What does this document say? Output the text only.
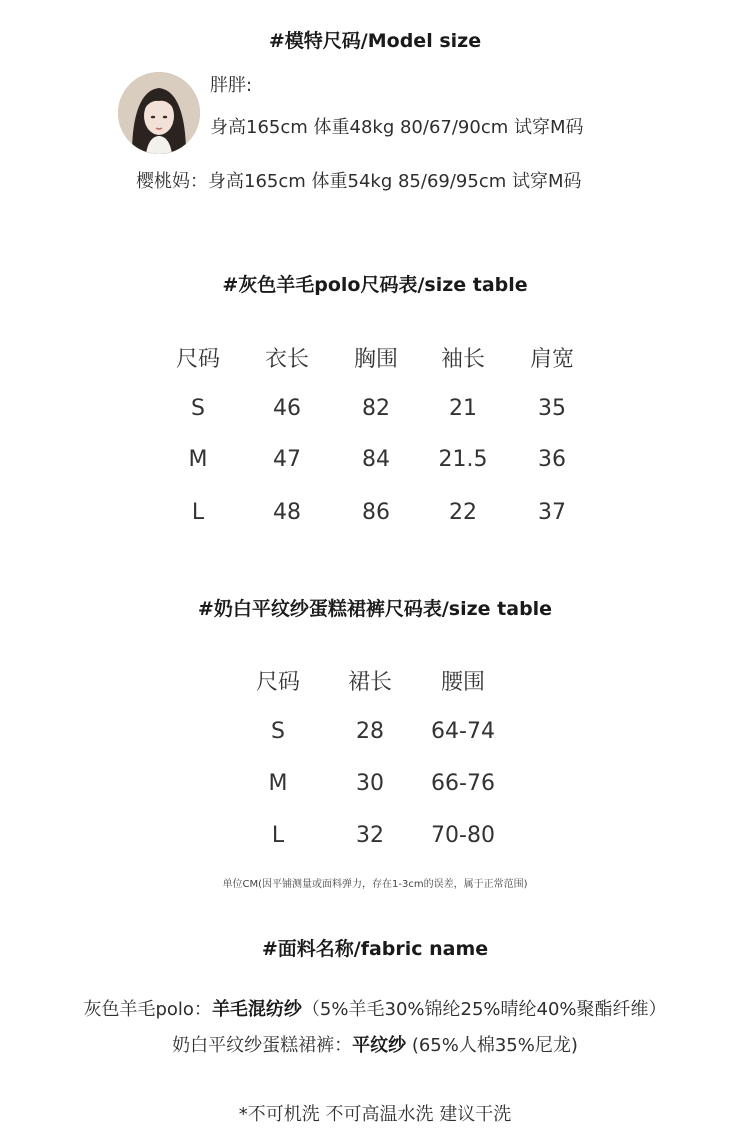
#模特尺码/Model size
胖胖:
身高165cm 体重48kg 80/67/90cm 试穿M码
樱桃妈：身高165cm 体重54kg 85/69/95cm 试穿M码
#灰色羊毛polo尺码表/size table
尺码 衣长 胸围 袖长 肩宽
S	46	82	21	35
M	47	84 21.5 36
L	48	86	22	37
#奶白平纹纱蛋糕裙裤尺码表/size table
尺码 裙长 腰围
S	28 64-74
M	30 66-76
L	32 70-80
单位CM(因平铺测量或面料弹力，存在1-3cm的误差，属于正常范围)
#面料名称/fabric name
灰色羊毛polo：羊毛混纺纱（5%羊毛30%锦纶25%晴纶40%聚酯纤维）
奶白平纹纱蛋糕裙裤：平纹纱 (65%人棉35%尼龙)
*不可机洗 不可高温水洗 建议干洗
